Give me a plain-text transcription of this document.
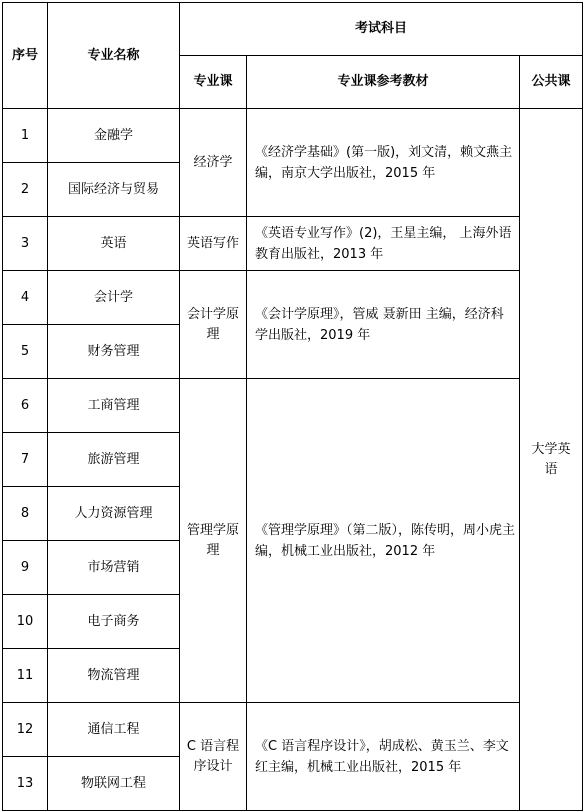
序号	专业名称	考试科目		
		专业课	专业课参考教材	公共课
1	金融学	经济学	《经济学基础》(第一版)，刘文清，赖文燕主编，南京大学出版社，2015 年	大学英语
2	国际经济与贸易			
3	英语	英语写作	《英语专业写作》(2)，王星主编， 上海外语教育出版社，2013 年	
4	会计学	会计学原理	《会计学原理》，管威 聂新田 主编，经济科学出版社，2019 年	
5	财务管理			
6	工商管理	管理学原理	《管理学原理》（第二版），陈传明，周小虎主编，机械工业出版社，2012 年	
7	旅游管理			
8	人力资源管理			
9	市场营销			
10	电子商务			
11	物流管理			
12	通信工程	C 语言程序设计	《C 语言程序设计》，胡成松、黄玉兰、李文红主编，机械工业出版社，2015 年	
13	物联网工程			
